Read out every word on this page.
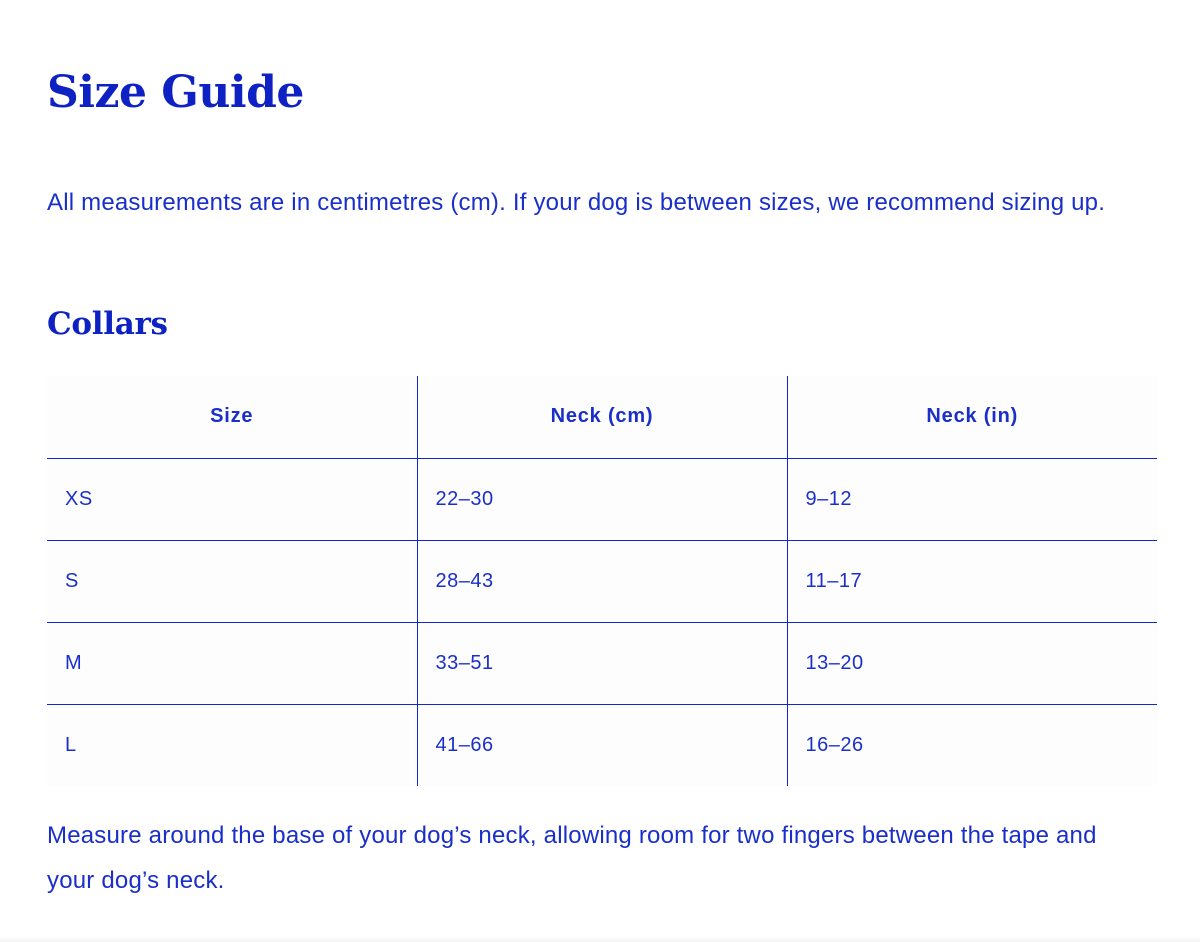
Size Guide

All measurements are in centimetres (cm). If your dog is between sizes, we recommend sizing up.

Collars
Size	Neck (cm)	Neck (in)
XS	22–30	9–12
S	28–43	11–17
M	33–51	13–20
L	41–66	16–26

Measure around the base of your dog’s neck, allowing room for two fingers between the tape and your dog’s neck.
